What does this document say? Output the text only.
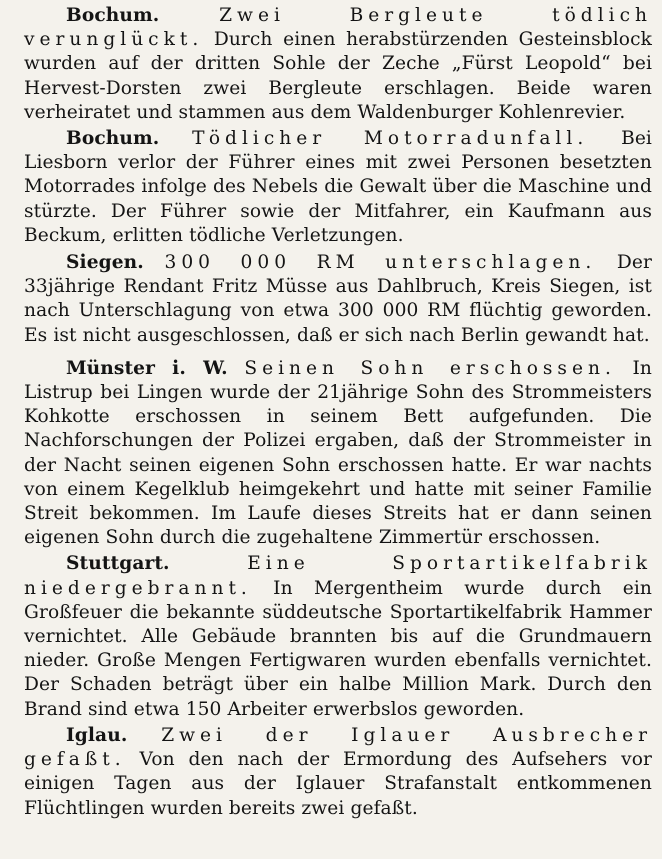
Bochum.	Zwei Bergleute tödlich verunglückt. Durch einen herabstürzenden Gesteinsblock wurden auf der dritten Sohle der Zeche „Fürst Leopold“ bei Hervest-Dorsten zwei Bergleute erschlagen. Beide waren verheiratet und stammen aus dem Waldenburger Kohlenrevier.

Bochum. Tödlicher Motorradunfall. Bei Liesborn verlor der Führer eines mit zwei Personen besetzten Motorrades infolge des Nebels die Gewalt über die Maschine und stürzte. Der Führer sowie der Mitfahrer, ein Kaufmann aus Beckum, erlitten tödliche Verletzungen.

Siegen. 300 000 RM unterschlagen. Der 33jährige Rendant Fritz Müsse aus Dahlbruch, Kreis Siegen, ist nach Unterschlagung von etwa 300 000 RM flüchtig geworden. Es ist nicht ausgeschlossen, daß er sich nach Berlin gewandt hat.

Münster i. W. Seinen Sohn erschossen. In Listrup bei Lingen wurde der 21jährige Sohn des Strommeisters Kohkotte erschossen in seinem Bett aufgefunden. Die Nachforschungen der Polizei ergaben, daß der Strommeister in der Nacht seinen eigenen Sohn erschossen hatte. Er war nachts von einem Kegelklub heimgekehrt und hatte mit seiner Familie Streit bekommen. Im Laufe dieses Streits hat er dann seinen eigenen Sohn durch die zugehaltene Zimmertür erschossen.

Stuttgart.	Eine Sportartikelfabrik niedergebrannt. In Mergentheim wurde durch ein Großfeuer die bekannte süddeutsche Sportartikelfabrik Hammer vernichtet. Alle Gebäude brannten bis auf die Grundmauern nieder. Große Mengen Fertigwaren wurden ebenfalls vernichtet. Der Schaden beträgt über ein halbe Million Mark. Durch den Brand sind etwa 150 Arbeiter erwerbslos geworden.

Iglau. Zwei der Iglauer Ausbrecher gefaßt. Von den nach der Ermordung des Aufsehers vor einigen Tagen aus der Iglauer Strafanstalt entkommenen Flüchtlingen wurden bereits zwei gefaßt.
